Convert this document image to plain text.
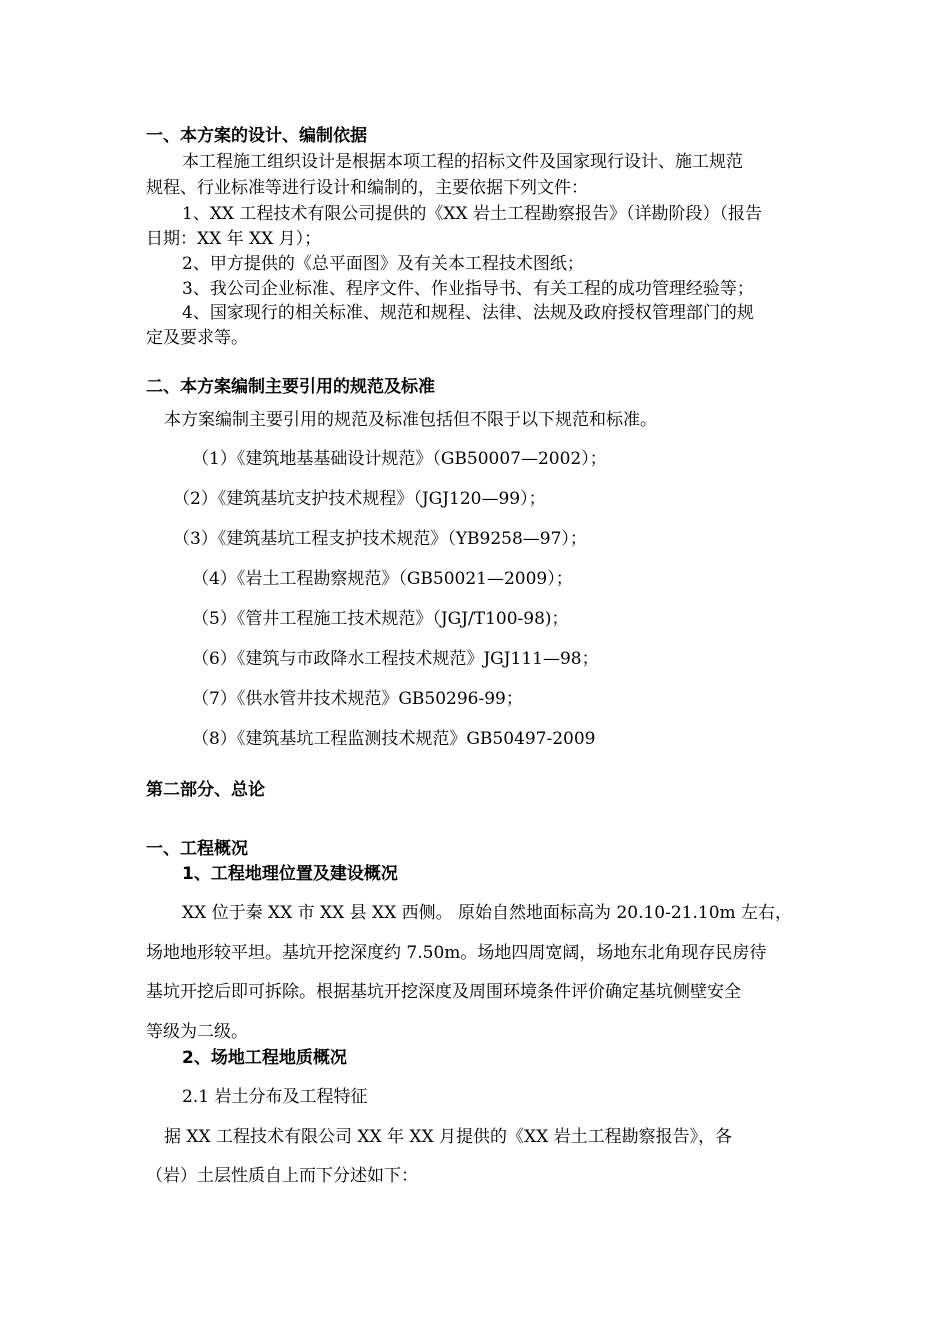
一、本方案的设计、编制依据
本工程施工组织设计是根据本项工程的招标文件及国家现行设计、施工规范
规程、行业标准等进行设计和编制的，主要依据下列文件：
1、XX 工程技术有限公司提供的《XX 岩土工程勘察报告》（详勘阶段）（报告
日期：XX 年 XX 月）；
2、甲方提供的《总平面图》及有关本工程技术图纸；
3、我公司企业标准、程序文件、作业指导书、有关工程的成功管理经验等；
4、国家现行的相关标准、规范和规程、法律、法规及政府授权管理部门的规
定及要求等。
二、本方案编制主要引用的规范及标准
本方案编制主要引用的规范及标准包括但不限于以下规范和标准。
（1）《建筑地基基础设计规范》（GB50007—2002）；
（2）《建筑基坑支护技术规程》（JGJ120—99）；
（3）《建筑基坑工程支护技术规范》（YB9258—97）；
（4）《岩土工程勘察规范》（GB50021—2009）；
（5）《管井工程施工技术规范》（JGJ/T100-98)；
（6）《建筑与市政降水工程技术规范》JGJ111—98；
（7）《供水管井技术规范》GB50296-99；
（8）《建筑基坑工程监测技术规范》GB50497-2009
第二部分、总论
一、工程概况
1、工程地理位置及建设概况
XX 位于秦 XX 市 XX 县 XX 西侧。 原始自然地面标高为 20.10-21.10m 左右，
场地地形较平坦。基坑开挖深度约 7.50m。场地四周宽阔，场地东北角现存民房待
基坑开挖后即可拆除。根据基坑开挖深度及周围环境条件评价确定基坑侧壁安全
等级为二级。
2、场地工程地质概况
2.1 岩土分布及工程特征
据 XX 工程技术有限公司 XX 年 XX 月提供的《XX 岩土工程勘察报告》，各
（岩）土层性质自上而下分述如下：
